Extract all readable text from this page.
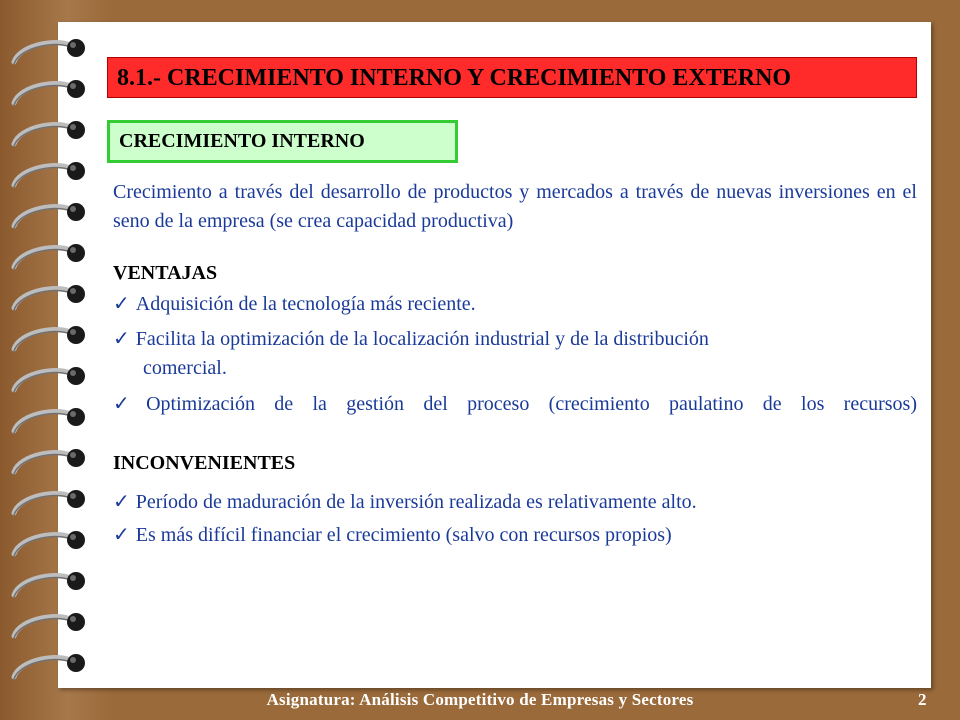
8.1.- CRECIMIENTO INTERNO Y CRECIMIENTO EXTERNO
CRECIMIENTO INTERNO
Crecimiento a través del desarrollo de productos y mercados a través de nuevas inversiones en el seno de la empresa (se crea capacidad productiva)
VENTAJAS
✓ Adquisición de la tecnología más reciente.
✓ Facilita la optimización de la localización industrial y de la distribución
comercial.
✓ Optimización de la gestión del proceso (crecimiento paulatino de los recursos)
INCONVENIENTES
✓ Período de maduración de la inversión realizada es relativamente alto.
✓ Es más difícil financiar el crecimiento (salvo con recursos propios)
Asignatura: Análisis Competitivo de Empresas y Sectores	2
